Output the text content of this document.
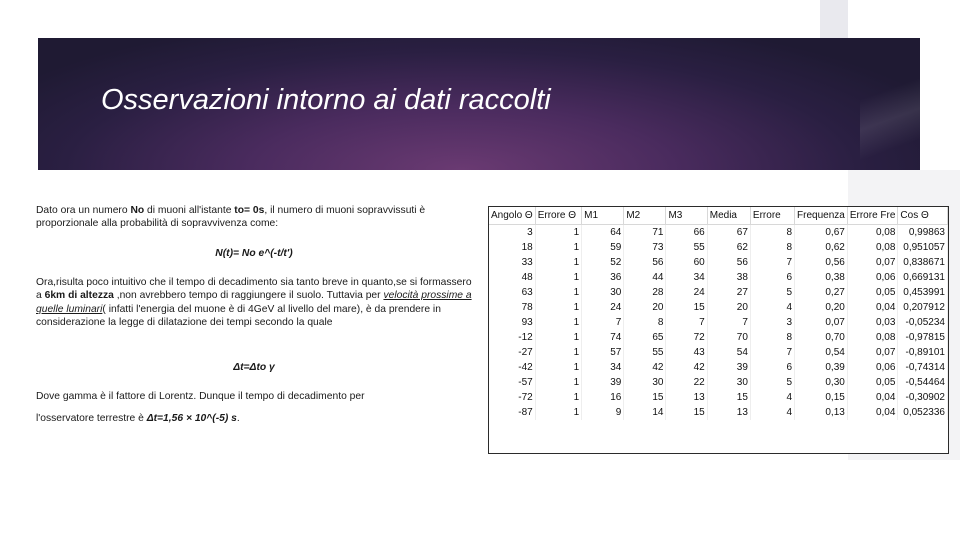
Osservazioni intorno ai dati raccolti
Dato ora un numero No di muoni all'istante to= 0s, il numero di muoni sopravvissuti è proporzionale alla probabilità di sopravvivenza come:
N(t)= No e^(-t/t')
Ora,risulta poco intuitivo che il tempo di decadimento sia tanto breve in quanto,se si formassero a 6km di altezza ,non avrebbero tempo di raggiungere il suolo. Tuttavia per velocità prossime a quelle luminari( infatti l'energia del muone è di 4GeV al livello del mare), è da prendere in considerazione la legge di dilatazione dei tempi secondo la quale
Δt=Δto γ
Dove gamma è il fattore di Lorentz. Dunque il tempo di decadimento per
l'osservatore terrestre è Δt=1,56 × 10^(-5) s.
Angolo Θ	Errore Θ	M1	M2	M3	Media	Errore	Frequenza	Errore Fre	Cos Θ
3	1	64	71	66	67	8	0,67	0,08	0,99863
18	1	59	73	55	62	8	0,62	0,08	0,951057
33	1	52	56	60	56	7	0,56	0,07	0,838671
48	1	36	44	34	38	6	0,38	0,06	0,669131
63	1	30	28	24	27	5	0,27	0,05	0,453991
78	1	24	20	15	20	4	0,20	0,04	0,207912
93	1	7	8	7	7	3	0,07	0,03	-0,05234
-12	1	74	65	72	70	8	0,70	0,08	-0,97815
-27	1	57	55	43	54	7	0,54	0,07	-0,89101
-42	1	34	42	42	39	6	0,39	0,06	-0,74314
-57	1	39	30	22	30	5	0,30	0,05	-0,54464
-72	1	16	15	13	15	4	0,15	0,04	-0,30902
-87	1	9	14	15	13	4	0,13	0,04	0,052336
